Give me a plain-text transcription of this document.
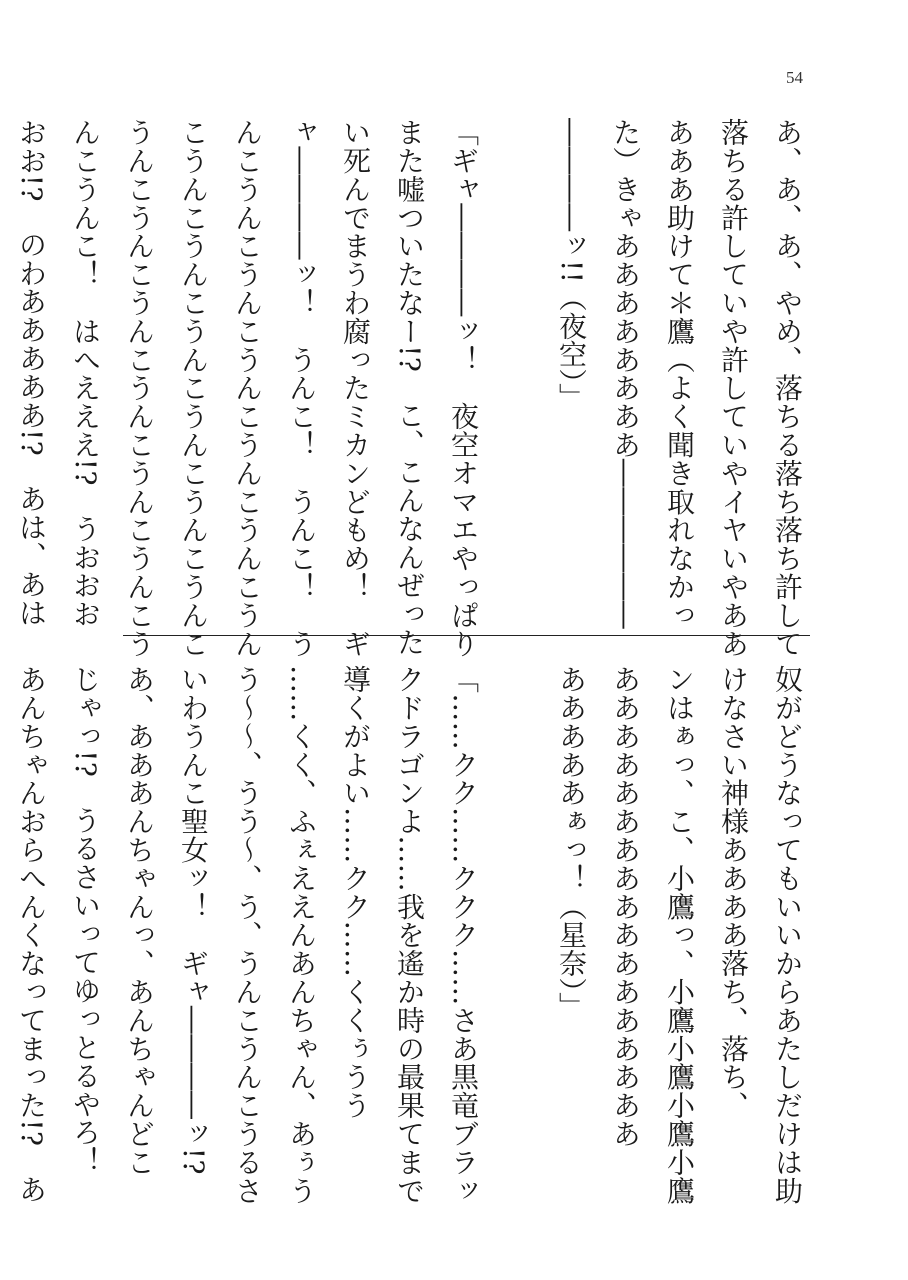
54
あ、あ、あ、やめ、落ちる落ち落ち許して
落ちる許していや許していやイヤいやああ
あああ助けて＊鷹（よく聞き取れなかっ
た）きゃああああああああ――――――
――――ッ!!（夜空）」

「ギャ――――ッ！　夜空オマエやっぱり
また嘘ついたなー!?　こ、こんなんぜった
い死んでまうわ腐ったミカンどもめ！　ギ
ャ――――ッ！　うんこ！　うんこ！　う
んこうんこうんこうんこうんこうんこうん
こうんこうんこうんこうんこうんこうんこ
うんこうんこうんこうんこうんこうんこう
んこうんこ！　はへえええ!?　うおおお
おお!?　のわあああああ!?　あは、あは
奴がどうなってもいいからあたしだけは助
けなさい神様ああああ落ち、落ち、
ンはぁっ、こ、小鷹っ、小鷹小鷹小鷹小鷹
あああああああああああああああああ
あああああぁっ！（星奈）」

「……クク……ククク……さあ黒竜ブラッ
クドラゴンよ……我を遙か時の最果てまで
導くがよい……クク……くくぅうう
……くく、ふぇええんあんちゃん、あぅう
う～～、うう～、う、うんこうんこうるさ
いわうんこ聖女ッ！　ギャ――――ッ!?
あ、あああんちゃんっ、あんちゃんどこ
じゃっ!?　うるさいってゆっとるやろ！
あんちゃんおらへんくなってまった!?　あ
